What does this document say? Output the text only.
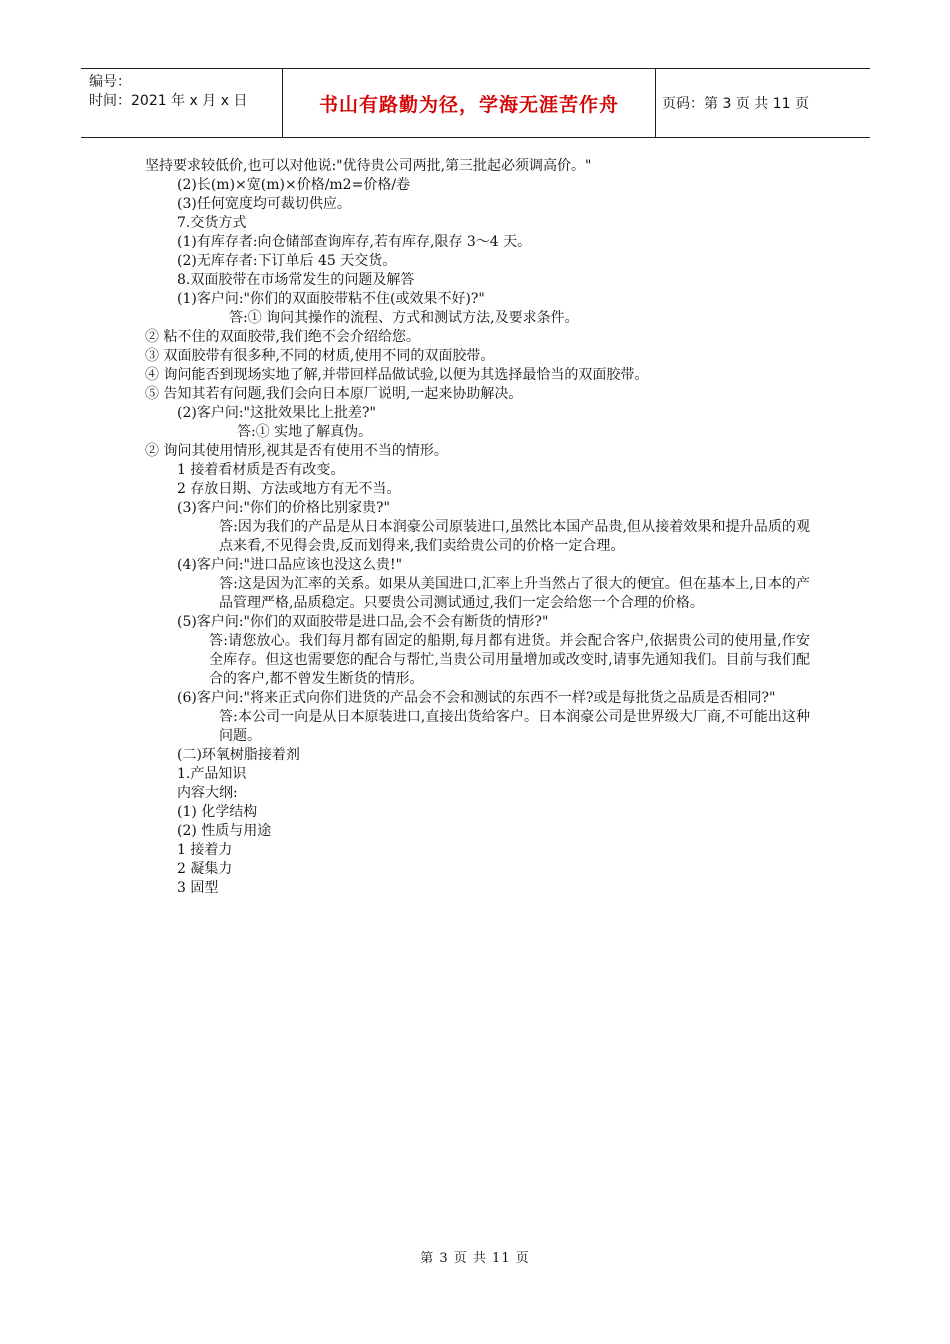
编号：
时间：2021 年 x 月 x 日	书山有路勤为径，学海无涯苦作舟	页码：第 3 页 共 11 页
坚持要求较低价,也可以对他说:"优待贵公司两批,第三批起必须调高价。"
(2)长(m)×宽(m)×价格/m2=价格/卷
(3)任何宽度均可裁切供应。
7.交货方式
(1)有库存者:向仓储部查询库存,若有库存,限存 3～4 天。
(2)无库存者:下订单后 45 天交货。
8.双面胶带在市场常发生的问题及解答
(1)客户问:"你们的双面胶带粘不住(或效果不好)?"
答:① 询问其操作的流程、方式和测试方法,及要求条件。
② 粘不住的双面胶带,我们绝不会介绍给您。
③ 双面胶带有很多种,不同的材质,使用不同的双面胶带。
④ 询问能否到现场实地了解,并带回样品做试验,以便为其选择最恰当的双面胶带。
⑤ 告知其若有问题,我们会向日本原厂说明,一起来协助解决。
(2)客户问:"这批效果比上批差?"
答:① 实地了解真伪。
② 询问其使用情形,视其是否有使用不当的情形。
1 接着看材质是否有改变。
2 存放日期、方法或地方有无不当。
(3)客户问:"你们的价格比别家贵?"
答:因为我们的产品是从日本润豪公司原装进口,虽然比本国产品贵,但从接着效果和提升品质的观点来看,不见得会贵,反而划得来,我们卖给贵公司的价格一定合理。
(4)客户问:"进口品应该也没这么贵!"
答:这是因为汇率的关系。如果从美国进口,汇率上升当然占了很大的便宜。但在基本上,日本的产品管理严格,品质稳定。只要贵公司测试通过,我们一定会给您一个合理的价格。
(5)客户问:"你们的双面胶带是进口品,会不会有断货的情形?"
答:请您放心。我们每月都有固定的船期,每月都有进货。并会配合客户,依据贵公司的使用量,作安全库存。但这也需要您的配合与帮忙,当贵公司用量增加或改变时,请事先通知我们。目前与我们配合的客户,都不曾发生断货的情形。
(6)客户问:"将来正式向你们进货的产品会不会和测试的东西不一样?或是每批货之品质是否相同?"
答:本公司一向是从日本原装进口,直接出货给客户。日本润豪公司是世界级大厂商,不可能出这种问题。
(二)环氧树脂接着剂
1.产品知识
内容大纲:
(1) 化学结构
(2) 性质与用途
1 接着力
2 凝集力
3 固型
第 3 页 共 11 页
